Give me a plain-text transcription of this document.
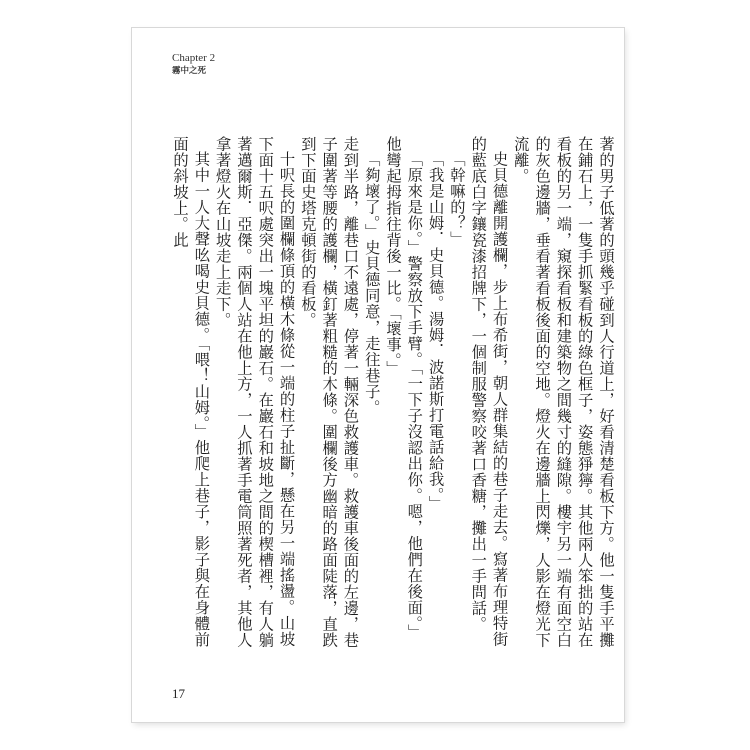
Chapter 2
霧中之死

著的男子低著的頭幾乎碰到人行道上，好看清楚看板下方。他一隻手平攤在鋪石上，一隻手抓緊看板的綠色框子，姿態猙獰。其他兩人笨拙的站在看板的另一端，窺探看板和建築物之間幾寸的縫隙。樓宇另一端有面空白的灰色邊牆，垂看著看板後面的空地。燈火在邊牆上閃爍，人影在燈光下流離。

史貝德離開護欄，步上布希街，朝人群集結的巷子走去。寫著布理特街的藍底白字鑲瓷漆招牌下，一個制服警察咬著口香糖，攤出一手問話。

「幹嘛的？」

「我是山姆．史貝德。湯姆．波諾斯打電話給我。」

「原來是你。」警察放下手臂。「一下子沒認出你。嗯，他們在後面。」他彎起拇指往背後一比。「壞事。」

「夠壞了。」史貝德同意，走往巷子。

走到半路，離巷口不遠處，停著一輛深色救護車。救護車後面的左邊，巷子圍著等腰的護欄，橫釘著粗糙的木條。圍欄後方幽暗的路面陡落，直跌到下面史塔克頓街的看板。

十呎長的圍欄條頂的橫木條從一端的柱子扯斷，懸在另一端搖盪。山坡下面十五呎處突出一塊平坦的巖石。在巖石和坡地之間的楔槽裡，有人躺著邁爾斯．亞傑。兩個人站在他上方，一人抓著手電筒照著死者，其他人拿著燈火在山坡走上走下。

其中一人大聲吆喝史貝德。「喂！山姆。」他爬上巷子，影子與在身體前面的斜坡上。此

17
